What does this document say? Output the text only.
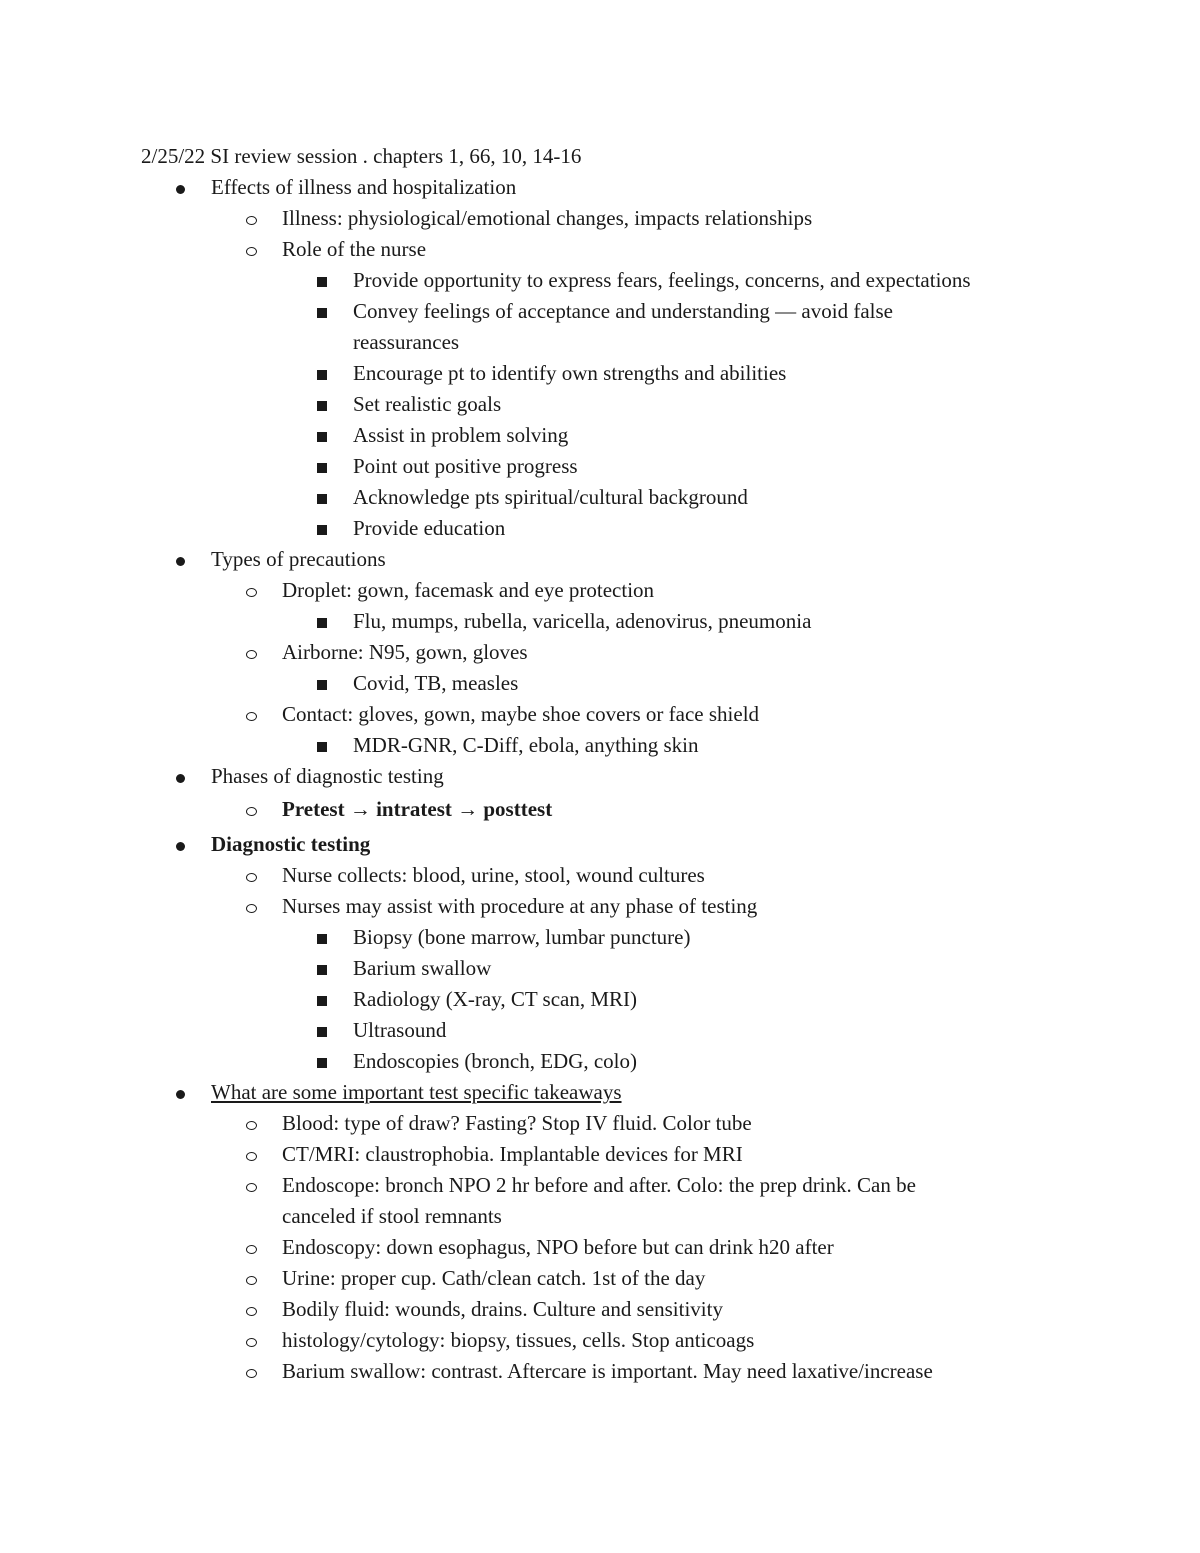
2/25/22 SI review session . chapters 1, 66, 10, 14-16
Effects of illness and hospitalization
Illness: physiological/emotional changes, impacts relationships
Role of the nurse
Provide opportunity to express fears, feelings, concerns, and expectations
Convey feelings of acceptance and understanding — avoid false
reassurances
Encourage pt to identify own strengths and abilities
Set realistic goals
Assist in problem solving
Point out positive progress
Acknowledge pts spiritual/cultural background
Provide education
Types of precautions
Droplet: gown, facemask and eye protection
Flu, mumps, rubella, varicella, adenovirus, pneumonia
Airborne: N95, gown, gloves
Covid, TB, measles
Contact: gloves, gown, maybe shoe covers or face shield
MDR-GNR, C-Diff, ebola, anything skin
Phases of diagnostic testing
Pretest → intratest → posttest
Diagnostic testing
Nurse collects: blood, urine, stool, wound cultures
Nurses may assist with procedure at any phase of testing
Biopsy (bone marrow, lumbar puncture)
Barium swallow
Radiology (X-ray, CT scan, MRI)
Ultrasound
Endoscopies (bronch, EDG, colo)
What are some important test specific takeaways
Blood: type of draw? Fasting? Stop IV fluid. Color tube
CT/MRI: claustrophobia. Implantable devices for MRI
Endoscope: bronch NPO 2 hr before and after. Colo: the prep drink. Can be
canceled if stool remnants
Endoscopy: down esophagus, NPO before but can drink h20 after
Urine: proper cup. Cath/clean catch. 1st of the day
Bodily fluid: wounds, drains. Culture and sensitivity
histology/cytology: biopsy, tissues, cells. Stop anticoags
Barium swallow: contrast. Aftercare is important. May need laxative/increase
